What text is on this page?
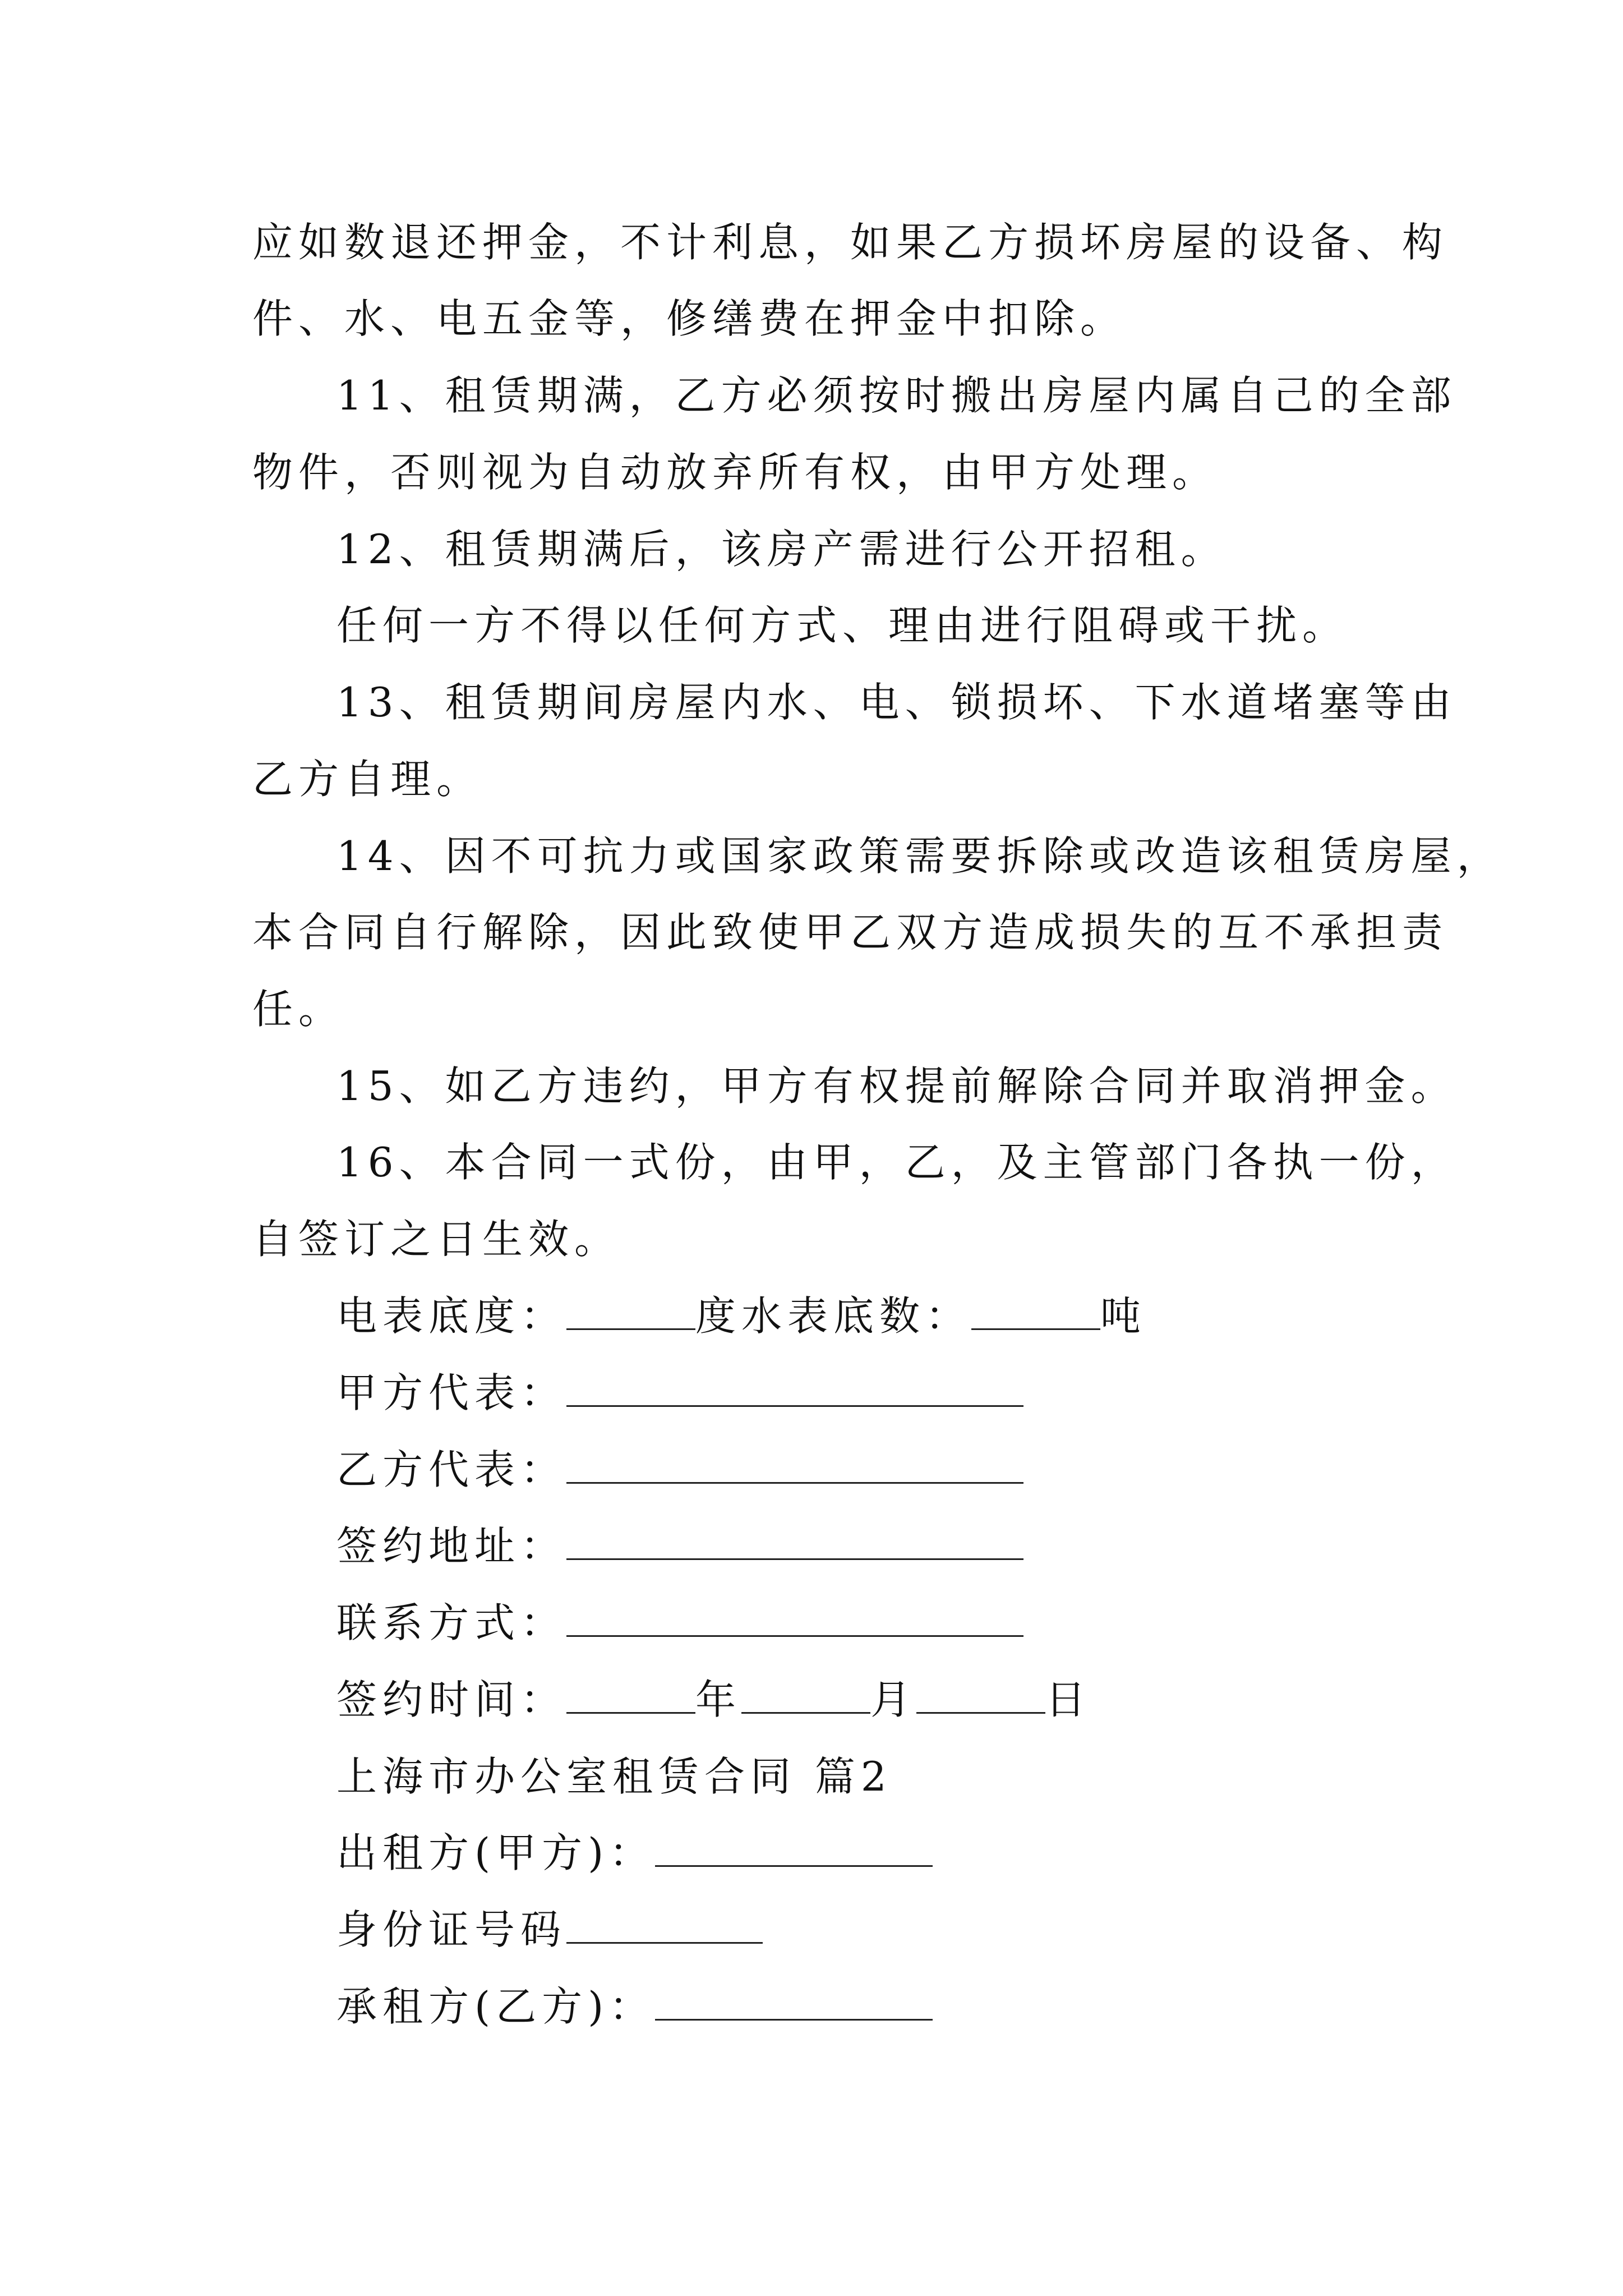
应如数退还押金，不计利息，如果乙方损坏房屋的设备、构
件、水、电五金等，修缮费在押金中扣除。
11、租赁期满，乙方必须按时搬出房屋内属自己的全部
物件，否则视为自动放弃所有权，由甲方处理。
12、租赁期满后，该房产需进行公开招租。
任何一方不得以任何方式、理由进行阻碍或干扰。
13、租赁期间房屋内水、电、锁损坏、下水道堵塞等由
乙方自理。
14、因不可抗力或国家政策需要拆除或改造该租赁房屋，
本合同自行解除，因此致使甲乙双方造成损失的互不承担责
任。
15、如乙方违约，甲方有权提前解除合同并取消押金。
16、本合同一式份，由甲，乙，及主管部门各执一份，
自签订之日生效。
电表底度：	度水表底数：	吨
甲方代表：
乙方代表：
签约地址：
联系方式：
签约时间：	年	月	日
上海市办公室租赁合同 篇2
出租方(甲方)：
身份证号码
承租方(乙方)：
